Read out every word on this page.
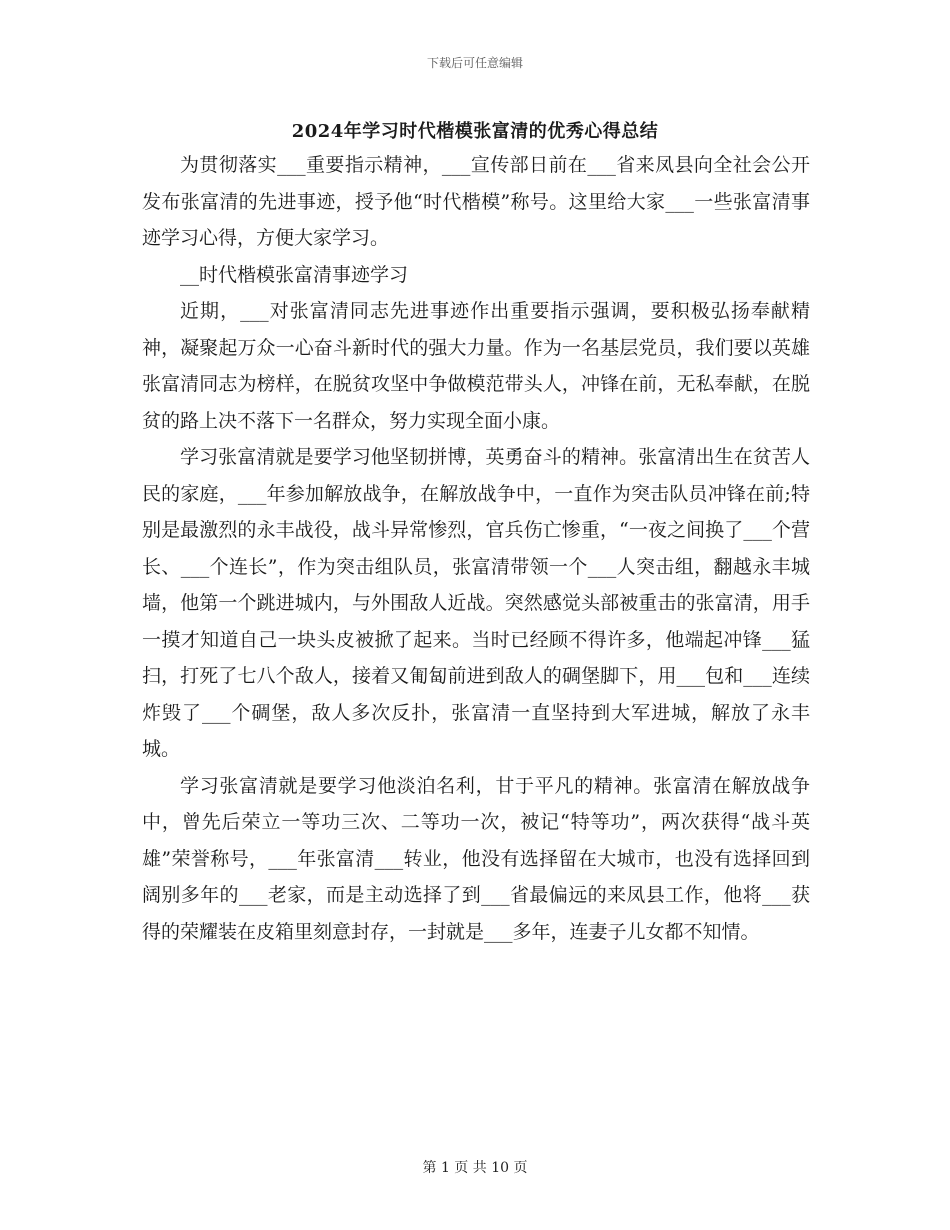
下载后可任意编辑
2024年学习时代楷模张富清的优秀心得总结

为贯彻落实___重要指示精神，___宣传部日前在___省来凤县向全社会公开发布张富清的先进事迹，授予他“时代楷模”称号。这里给大家___一些张富清事迹学习心得，方便大家学习。

__时代楷模张富清事迹学习

近期，___对张富清同志先进事迹作出重要指示强调，要积极弘扬奉献精神，凝聚起万众一心奋斗新时代的强大力量。作为一名基层党员，我们要以英雄张富清同志为榜样，在脱贫攻坚中争做模范带头人，冲锋在前，无私奉献，在脱贫的路上决不落下一名群众，努力实现全面小康。

学习张富清就是要学习他坚韧拼博，英勇奋斗的精神。张富清出生在贫苦人民的家庭，___年参加解放战争，在解放战争中，一直作为突击队员冲锋在前;特别是最激烈的永丰战役，战斗异常惨烈，官兵伤亡惨重，“一夜之间换了___个营长、___个连长”，作为突击组队员，张富清带领一个___人突击组，翻越永丰城墙，他第一个跳进城内，与外围敌人近战。突然感觉头部被重击的张富清，用手一摸才知道自己一块头皮被掀了起来。当时已经顾不得许多，他端起冲锋___猛扫，打死了七八个敌人，接着又匍匐前进到敌人的碉堡脚下，用___包和___连续炸毁了___个碉堡，敌人多次反扑，张富清一直坚持到大军进城，解放了永丰城。

学习张富清就是要学习他淡泊名利，甘于平凡的精神。张富清在解放战争中，曾先后荣立一等功三次、二等功一次，被记“特等功”，两次获得“战斗英雄”荣誉称号，___年张富清___转业，他没有选择留在大城市，也没有选择回到阔别多年的___老家，而是主动选择了到___省最偏远的来凤县工作，他将___获得的荣耀装在皮箱里刻意封存，一封就是___多年，连妻子儿女都不知情。

第 1 页 共 10 页
